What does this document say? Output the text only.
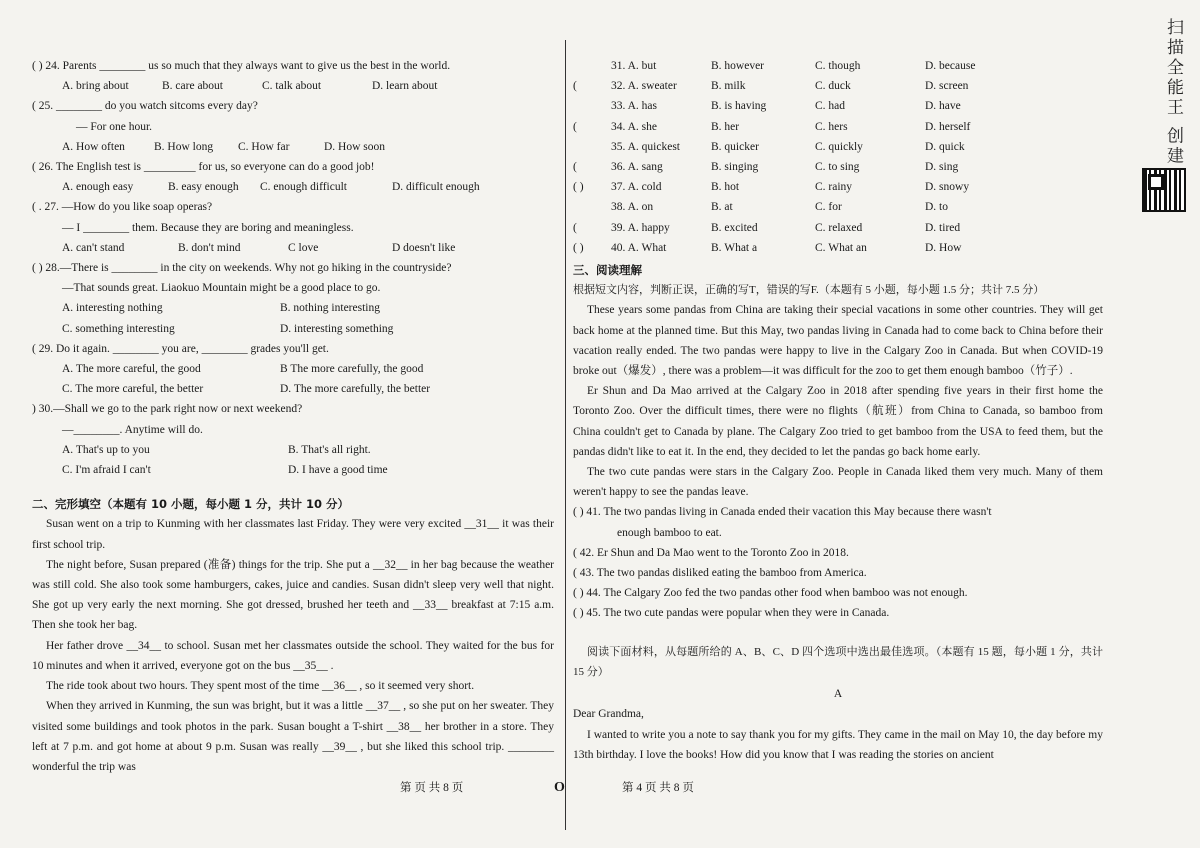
( ) 24. Parents ________ us so much that they always want to give us the best in the world.
A. bring about	B. care about	C. talk about	D. learn about
( 25. ________ do you watch sitcoms every day?
— For one hour.
A. How often	B. How long	C. How far	D. How soon
( 26. The English test is _________ for us, so everyone can do a good job!
A. enough easy	B. easy enough	C. enough difficult	D. difficult enough
( . 27. —How do you like soap operas?
— I ________ them. Because they are boring and meaningless.
A. can't stand	B. don't mind	C love	D doesn't like
( ) 28.—There is ________ in the city on weekends. Why not go hiking in the countryside?
—That sounds great. Liaokuo Mountain might be a good place to go.
A. interesting nothing	B. nothing interesting
C. something interesting	D. interesting something
( 29. Do it again. ________ you are, ________ grades you'll get.
A. The more careful, the good	B The more carefully, the good
C. The more careful, the better	D. The more carefully, the better
) 30.—Shall we go to the park right now or next weekend?
—________. Anytime will do.
A. That's up to you	B. That's all right.
C. I'm afraid I can't	D. I have a good time
二、完形填空（本题有 10 小题，每小题 1 分，共计 10 分）

Susan went on a trip to Kunming with her classmates last Friday. They were very excited __31__ it was their first school trip.

The night before, Susan prepared (准备) things for the trip. She put a __32__ in her bag because the weather was still cold. She also took some hamburgers, cakes, juice and candies. Susan didn't sleep very well that night. She got up very early the next morning. She got dressed, brushed her teeth and __33__ breakfast at 7:15 a.m. Then she took her bag.

Her father drove __34__ to school. Susan met her classmates outside the school. They waited for the bus for 10 minutes and when it arrived, everyone got on the bus __35__ .

The ride took about two hours. They spent most of the time __36__ , so it seemed very short.

When they arrived in Kunming, the sun was bright, but it was a little __37__ , so she put on her sweater. They visited some buildings and took photos in the park. Susan bought a T-shirt __38__ her brother in a store. They left at 7 p.m. and got home at about 9 p.m. Susan was really __39__ , but she liked this school trip. ________ wonderful the trip was

第 页 共 8 页	O
31. A. but	B. however	C. though	D. because
(	32. A. sweater	B. milk	C. duck	D. screen
33. A. has	B. is having	C. had	D. have
(	34. A. she	B. her	C. hers	D. herself
35. A. quickest	B. quicker	C. quickly	D. quick
(	36. A. sang	B. singing	C. to sing	D. sing
( )	37. A. cold	B. hot	C. rainy	D. snowy
38. A. on	B. at	C. for	D. to
(	39. A. happy	B. excited	C. relaxed	D. tired
( )	40. A. What	B. What a	C. What an	D. How
三、阅读理解
根据短文内容，判断正误，正确的写T，错误的写F.（本题有 5 小题，每小题 1.5 分；共计 7.5 分）

These years some pandas from China are taking their special vacations in some other countries. They will get back home at the planned time. But this May, two pandas living in Canada had to come back to China before their vacation really ended. The two pandas were happy to live in the Calgary Zoo in Canada. But when COVID-19 broke out（爆发）, there was a problem—it was difficult for the zoo to get them enough bamboo（竹子）.

Er Shun and Da Mao arrived at the Calgary Zoo in 2018 after spending five years in their first home the Toronto Zoo. Over the difficult times, there were no flights（航班）from China to Canada, so bamboo from China couldn't get to Canada by plane. The Calgary Zoo tried to get bamboo from the USA to feed them, but the pandas didn't like to eat it. In the end, they decided to let the pandas go back home early.

The two cute pandas were stars in the Calgary Zoo. People in Canada liked them very much. Many of them weren't happy to see the pandas leave.

( ) 41. The two pandas living in Canada ended their vacation this May because there wasn't
enough bamboo to eat.
( 42. Er Shun and Da Mao went to the Toronto Zoo in 2018.
( 43. The two pandas disliked eating the bamboo from America.
( ) 44. The Calgary Zoo fed the two pandas other food when bamboo was not enough.
( ) 45. The two cute pandas were popular when they were in Canada.

阅读下面材料，从每题所给的 A、B、C、D 四个选项中选出最佳选项。（本题有 15 题，每小题 1 分，共计 15 分）

A
Dear Grandma,

I wanted to write you a note to say thank you for my gifts. They came in the mail on May 10, the day before my 13th birthday. I love the books! How did you know that I was reading the stories on ancient

第 4 页 共 8 页
扫描全能王 创建
